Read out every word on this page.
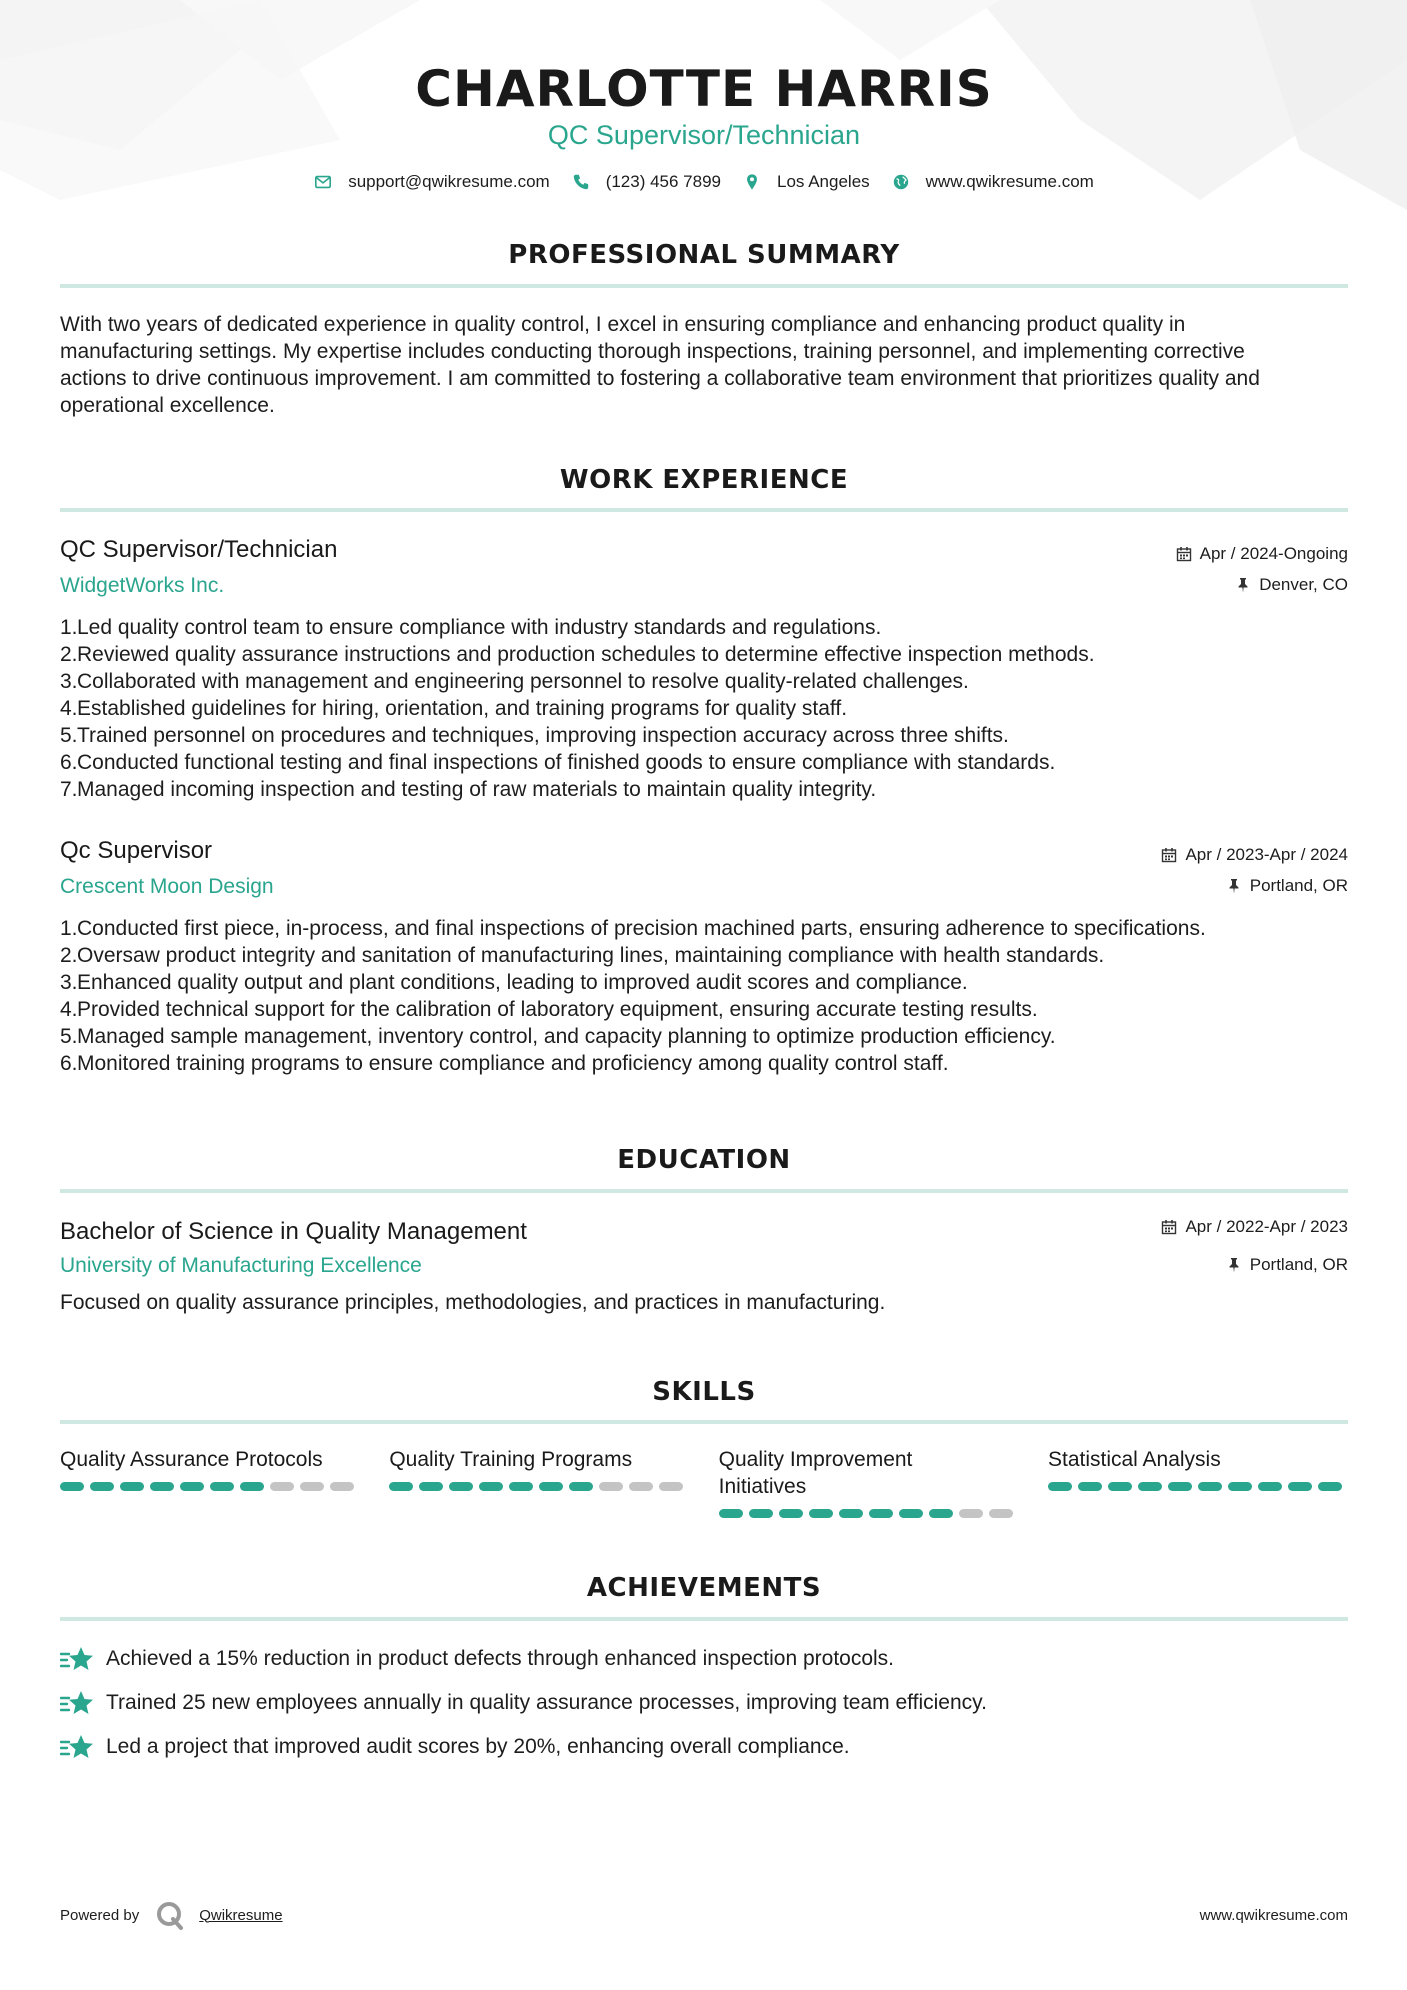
CHARLOTTE HARRIS
QC Supervisor/Technician
support@qwikresume.com	(123) 456 7899	Los Angeles	www.qwikresume.com
PROFESSIONAL SUMMARY
With two years of dedicated experience in quality control, I excel in ensuring compliance and enhancing product quality in
manufacturing settings. My expertise includes conducting thorough inspections, training personnel, and implementing corrective
actions to drive continuous improvement. I am committed to fostering a collaborative team environment that prioritizes quality and
operational excellence.
WORK EXPERIENCE
QC Supervisor/Technician
WidgetWorks Inc.
Apr / 2024-Ongoing
Denver, CO
1. Led quality control team to ensure compliance with industry standards and regulations.
2. Reviewed quality assurance instructions and production schedules to determine effective inspection methods.
3. Collaborated with management and engineering personnel to resolve quality-related challenges.
4. Established guidelines for hiring, orientation, and training programs for quality staff.
5. Trained personnel on procedures and techniques, improving inspection accuracy across three shifts.
6. Conducted functional testing and final inspections of finished goods to ensure compliance with standards.
7. Managed incoming inspection and testing of raw materials to maintain quality integrity.
Qc Supervisor
Crescent Moon Design
Apr / 2023-Apr / 2024
Portland, OR
1. Conducted first piece, in-process, and final inspections of precision machined parts, ensuring adherence to specifications.
2. Oversaw product integrity and sanitation of manufacturing lines, maintaining compliance with health standards.
3. Enhanced quality output and plant conditions, leading to improved audit scores and compliance.
4. Provided technical support for the calibration of laboratory equipment, ensuring accurate testing results.
5. Managed sample management, inventory control, and capacity planning to optimize production efficiency.
6. Monitored training programs to ensure compliance and proficiency among quality control staff.
EDUCATION
Bachelor of Science in Quality Management
University of Manufacturing Excellence
Apr / 2022-Apr / 2023
Portland, OR
Focused on quality assurance principles, methodologies, and practices in manufacturing.
SKILLS
Quality Assurance Protocols	Quality Training Programs	Quality Improvement Initiatives
Statistical Analysis
ACHIEVEMENTS
Achieved a 15% reduction in product defects through enhanced inspection protocols.
Trained 25 new employees annually in quality assurance processes, improving team efficiency.
Led a project that improved audit scores by 20%, enhancing overall compliance.
Powered by	Qwikresume	www.qwikresume.com
